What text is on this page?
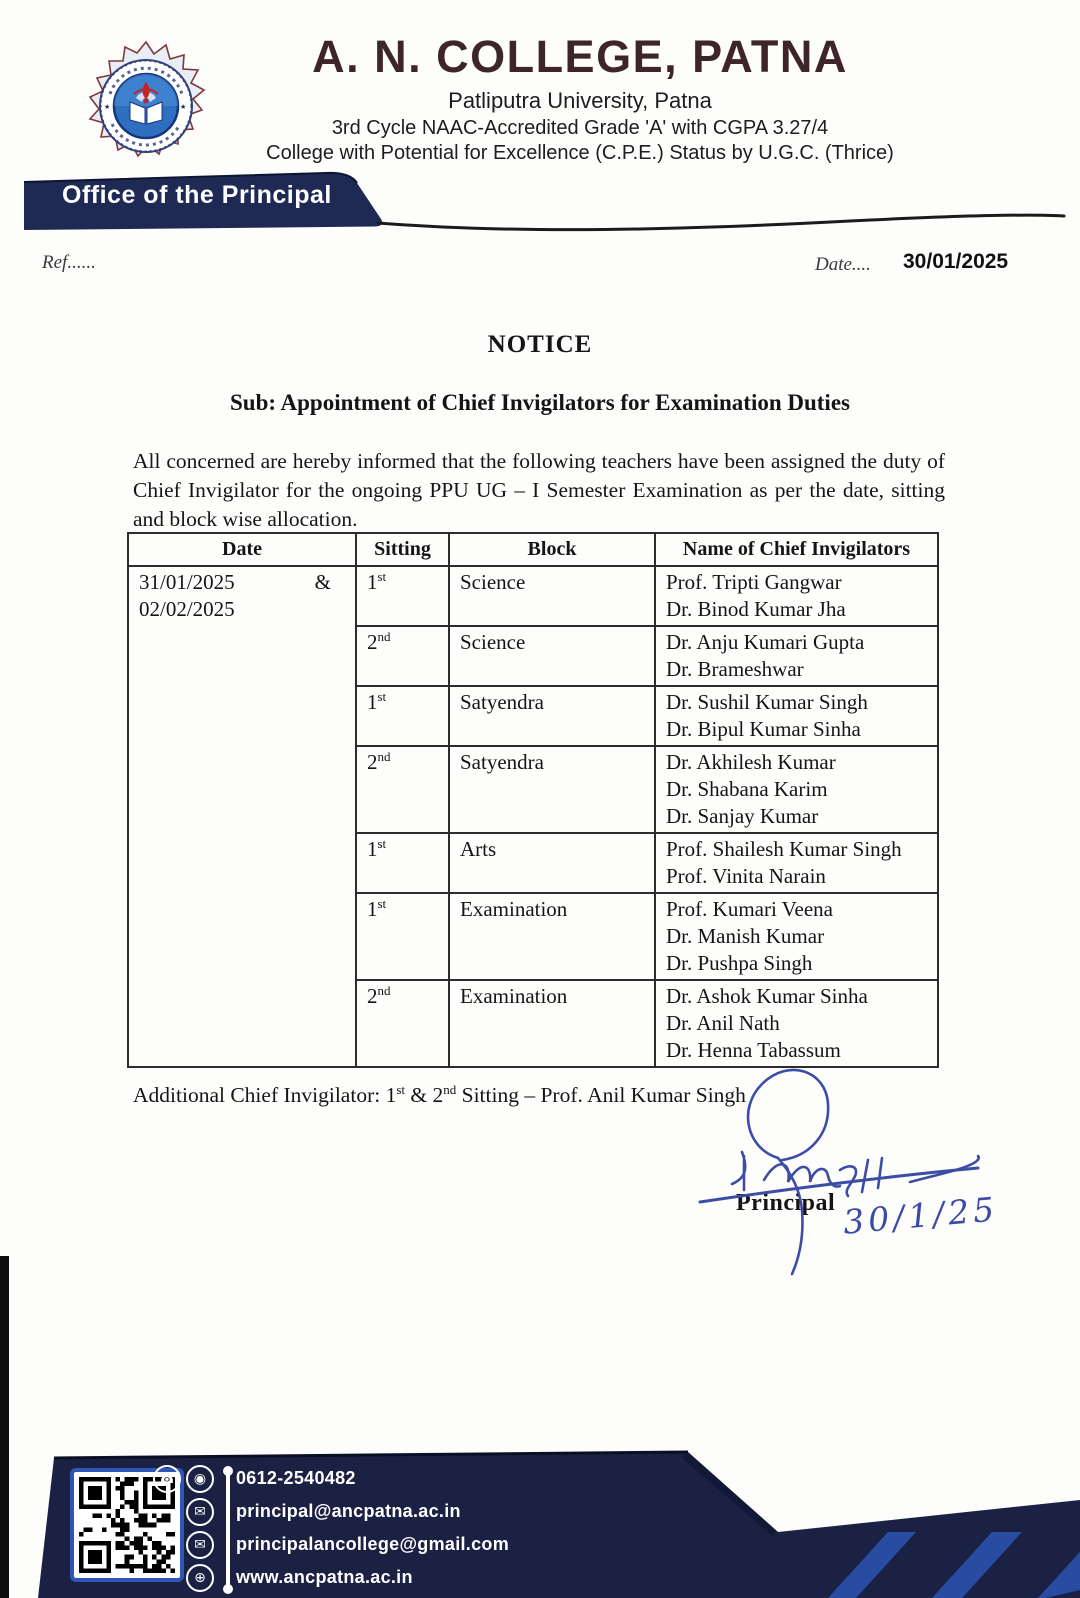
★	★
A. N. COLLEGE, PATNA
Patliputra University, Patna
3rd Cycle NAAC-Accredited Grade 'A' with CGPA 3.27/4
College with Potential for Excellence (C.P.E.) Status by U.G.C. (Thrice)
Office of the Principal
Ref......	Date.... 30/01/2025
NOTICE
Sub: Appointment of Chief Invigilators for Examination Duties
All concerned are hereby informed that the following teachers have been assigned the duty of Chief Invigilator for the ongoing PPU UG – I Semester Examination as per the date, sitting and block wise allocation.
Date	Sitting	Block	Name of Chief Invigilators

31/01/2025	&
02/02/2025
	1st	Science	Prof. Tripti Gangwar
Dr. Binod Kumar Jha

	2nd	Science	Dr. Anju Kumari Gupta
Dr. Brameshwar

	1st	Satyendra	Dr. Sushil Kumar Singh
Dr. Bipul Kumar Sinha

	2nd	Satyendra	Dr. Akhilesh Kumar
Dr. Shabana Karim
Dr. Sanjay Kumar

	1st	Arts	Prof. Shailesh Kumar Singh
Prof. Vinita Narain

	1st	Examination	Prof. Kumari Veena
Dr. Manish Kumar
Dr. Pushpa Singh

	2nd	Examination	Dr. Ashok Kumar Sinha
Dr. Anil Nath
Dr. Henna Tabassum
Additional Chief Invigilator: 1st & 2nd Sitting – Prof. Anil Kumar Singh
Principal 30/1/25
☎	◉	0612-2540482
✉	principal@ancpatna.ac.in
✉	principalancollege@gmail.com
⊕	www.ancpatna.ac.in
